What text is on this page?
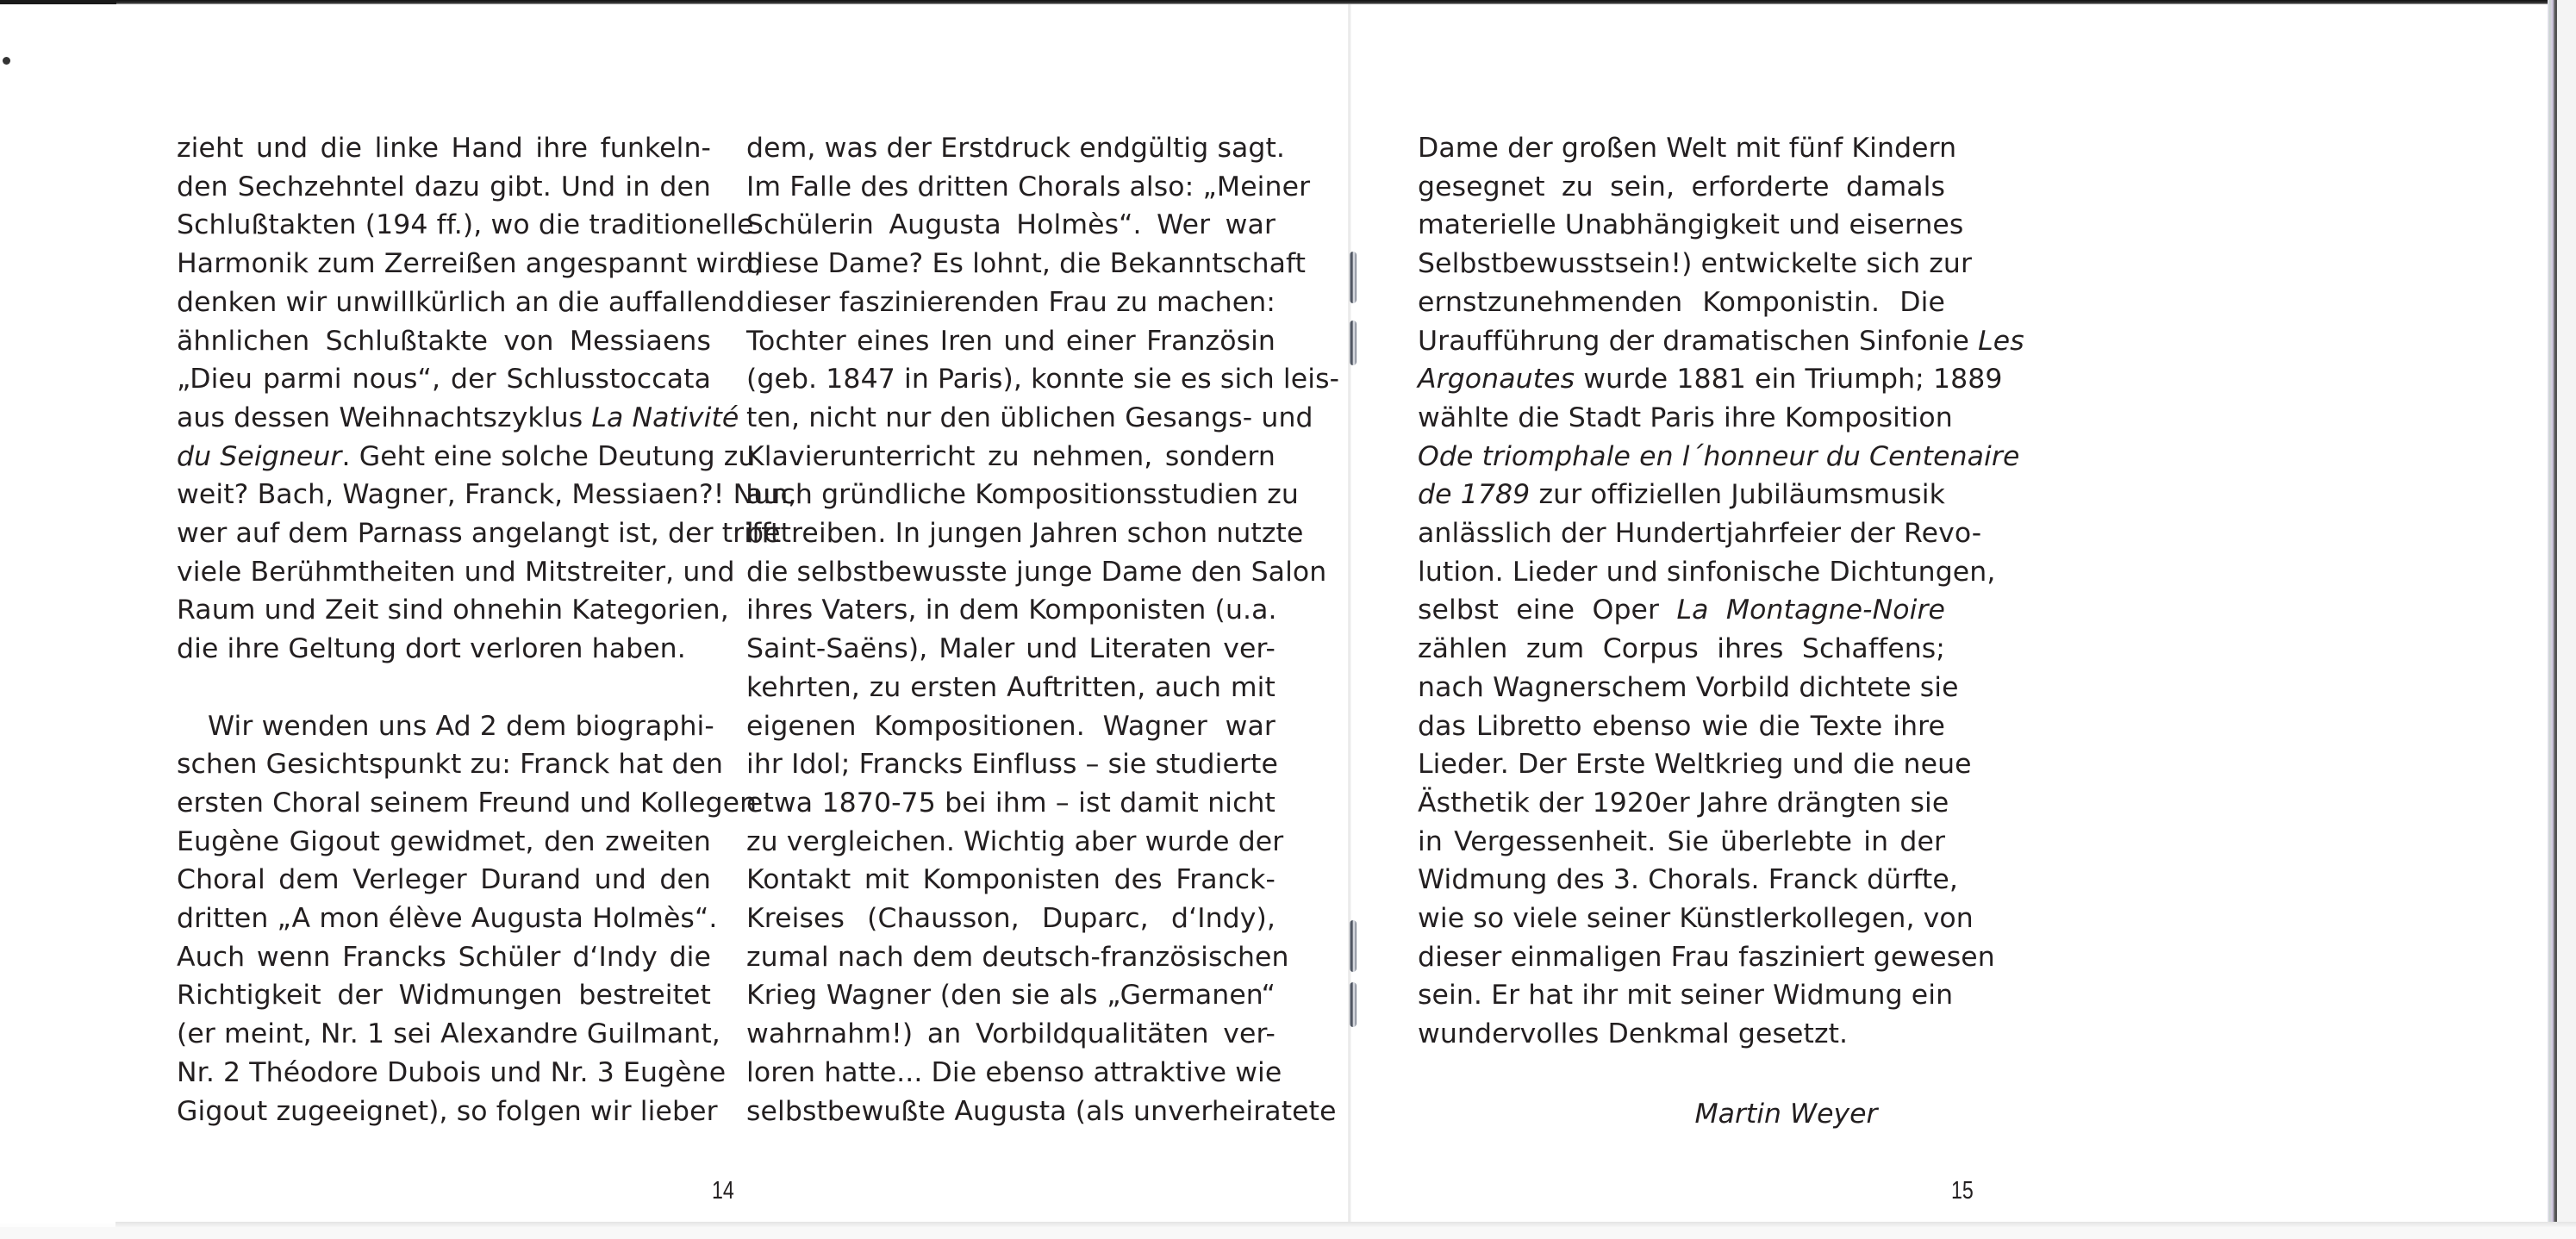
zieht und die linke Hand ihre funkeln-
den Sechzehntel dazu gibt. Und in den
Schlußtakten (194 ff.), wo die traditionelle
Harmonik zum Zerreißen angespannt wird,
denken wir unwillkürlich an die auffallend
ähnlichen Schlußtakte von Messiaens
„Dieu parmi nous“, der Schlusstoccata
aus dessen Weihnachtszyklus La Nativité
du Seigneur. Geht eine solche Deutung zu
weit? Bach, Wagner, Franck, Messiaen?! Nun,
wer auf dem Parnass angelangt ist, der trifft
viele Berühmtheiten und Mitstreiter, und
Raum und Zeit sind ohnehin Kategorien,
die ihre Geltung dort verloren haben.
Wir wenden uns Ad 2 dem biographi-
schen Gesichtspunkt zu: Franck hat den
ersten Choral seinem Freund und Kollegen
Eugène Gigout gewidmet, den zweiten
Choral dem Verleger Durand und den
dritten „A mon élève Augusta Holmès“.
Auch wenn Francks Schüler d‘Indy die
Richtigkeit der Widmungen bestreitet
(er meint, Nr. 1 sei Alexandre Guilmant,
Nr. 2 Théodore Dubois und Nr. 3 Eugène
Gigout zugeeignet), so folgen wir lieber
dem, was der Erstdruck endgültig sagt.
Im Falle des dritten Chorals also: „Meiner
Schülerin Augusta Holmès“. Wer war
diese Dame? Es lohnt, die Bekanntschaft
dieser faszinierenden Frau zu machen:
Tochter eines Iren und einer Französin
(geb. 1847 in Paris), konnte sie es sich leis-
ten, nicht nur den üblichen Gesangs- und
Klavierunterricht zu nehmen, sondern
auch gründliche Kompositionsstudien zu
betreiben. In jungen Jahren schon nutzte
die selbstbewusste junge Dame den Salon
ihres Vaters, in dem Komponisten (u.a.
Saint-Saëns), Maler und Literaten ver-
kehrten, zu ersten Auftritten, auch mit
eigenen Kompositionen. Wagner war
ihr Idol; Francks Einfluss – sie studierte
etwa 1870-75 bei ihm – ist damit nicht
zu vergleichen. Wichtig aber wurde der
Kontakt mit Komponisten des Franck-
Kreises (Chausson, Duparc, d‘Indy),
zumal nach dem deutsch-französischen
Krieg Wagner (den sie als „Germanen“
wahrnahm!) an Vorbildqualitäten ver-
loren hatte... Die ebenso attraktive wie
selbstbewußte Augusta (als unverheiratete
Dame der großen Welt mit fünf Kindern
gesegnet zu sein, erforderte damals
materielle Unabhängigkeit und eisernes
Selbstbewusstsein!) entwickelte sich zur
ernstzunehmenden Komponistin. Die
Uraufführung der dramatischen Sinfonie Les
Argonautes wurde 1881 ein Triumph; 1889
wählte die Stadt Paris ihre Komposition
Ode triomphale en l´honneur du Centenaire
de 1789 zur offiziellen Jubiläumsmusik
anlässlich der Hundertjahrfeier der Revo-
lution. Lieder und sinfonische Dichtungen,
selbst eine Oper La Montagne-Noire
zählen zum Corpus ihres Schaffens;
nach Wagnerschem Vorbild dichtete sie
das Libretto ebenso wie die Texte ihre
Lieder. Der Erste Weltkrieg und die neue
Ästhetik der 1920er Jahre drängten sie
in Vergessenheit. Sie überlebte in der
Widmung des 3. Chorals. Franck dürfte,
wie so viele seiner Künstlerkollegen, von
dieser einmaligen Frau fasziniert gewesen
sein. Er hat ihr mit seiner Widmung ein
wundervolles Denkmal gesetzt.
Martin Weyer
14	15
